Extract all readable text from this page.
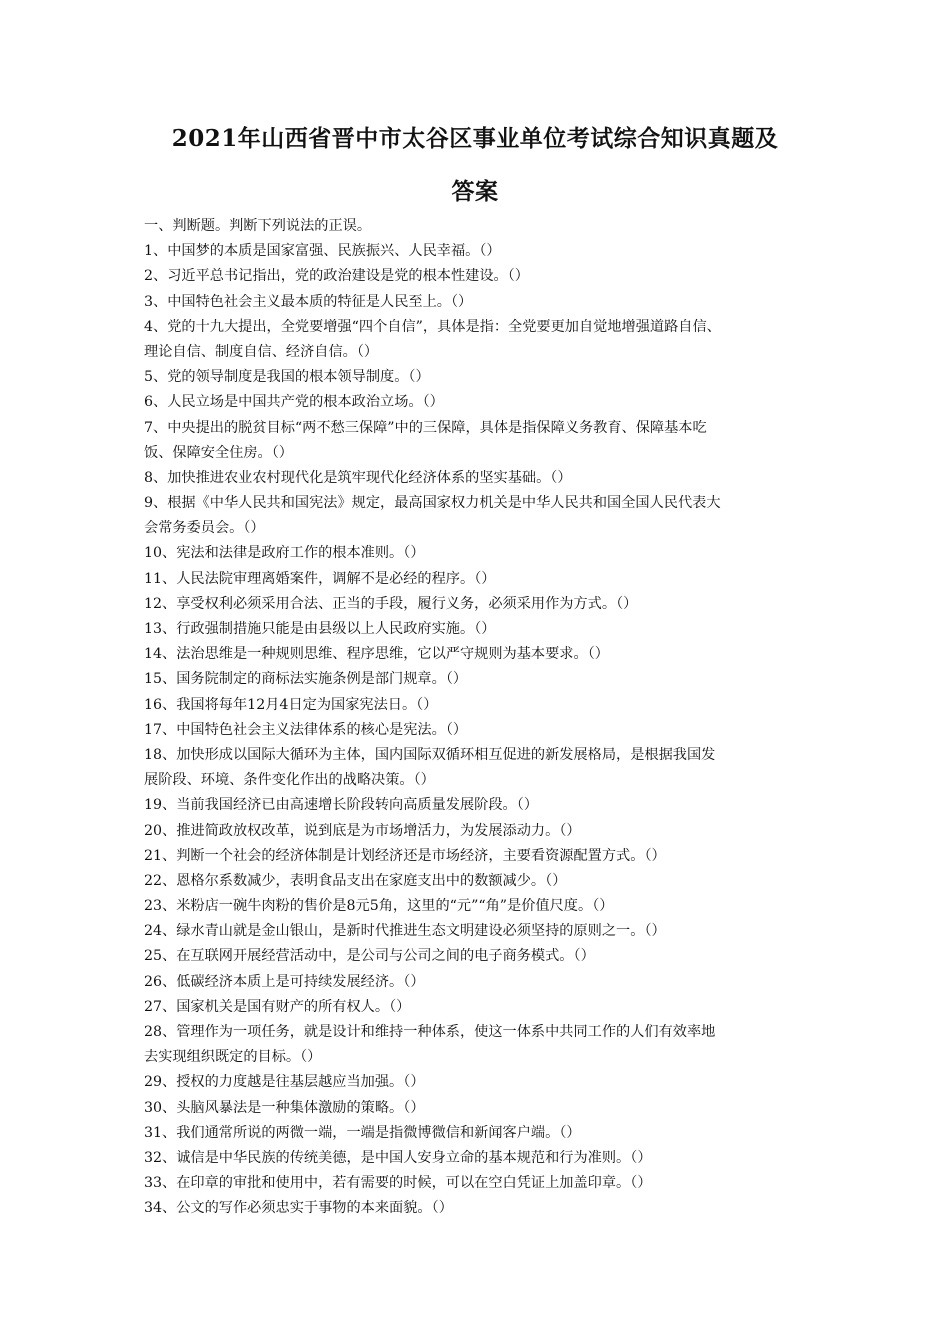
2021年山西省晋中市太谷区事业单位考试综合知识真题及
答案
一、判断题。判断下列说法的正误。
1、中国梦的本质是国家富强、民族振兴、人民幸福。（）
2、习近平总书记指出，党的政治建设是党的根本性建设。（）
3、中国特色社会主义最本质的特征是人民至上。（）
4、党的十九大提出，全党要增强“四个自信”，具体是指：全党要更加自觉地增强道路自信、
理论自信、制度自信、经济自信。（）
5、党的领导制度是我国的根本领导制度。（）
6、人民立场是中国共产党的根本政治立场。（）
7、中央提出的脱贫目标“两不愁三保障”中的三保障，具体是指保障义务教育、保障基本吃
饭、保障安全住房。（）
8、加快推进农业农村现代化是筑牢现代化经济体系的坚实基础。（）
9、根据《中华人民共和国宪法》规定，最高国家权力机关是中华人民共和国全国人民代表大
会常务委员会。（）
10、宪法和法律是政府工作的根本准则。（）
11、人民法院审理离婚案件，调解不是必经的程序。（）
12、享受权利必须采用合法、正当的手段，履行义务，必须采用作为方式。（）
13、行政强制措施只能是由县级以上人民政府实施。（）
14、法治思维是一种规则思维、程序思维，它以严守规则为基本要求。（）
15、国务院制定的商标法实施条例是部门规章。（）
16、我国将每年12月4日定为国家宪法日。（）
17、中国特色社会主义法律体系的核心是宪法。（）
18、加快形成以国际大循环为主体，国内国际双循环相互促进的新发展格局，是根据我国发
展阶段、环境、条件变化作出的战略决策。（）
19、当前我国经济已由高速增长阶段转向高质量发展阶段。（）
20、推进简政放权改革，说到底是为市场增活力，为发展添动力。（）
21、判断一个社会的经济体制是计划经济还是市场经济，主要看资源配置方式。（）
22、恩格尔系数减少，表明食品支出在家庭支出中的数额减少。（）
23、米粉店一碗牛肉粉的售价是8元5角，这里的“元”“角”是价值尺度。（）
24、绿水青山就是金山银山，是新时代推进生态文明建设必须坚持的原则之一。（）
25、在互联网开展经营活动中，是公司与公司之间的电子商务模式。（）
26、低碳经济本质上是可持续发展经济。（）
27、国家机关是国有财产的所有权人。（）
28、管理作为一项任务，就是设计和维持一种体系，使这一体系中共同工作的人们有效率地
去实现组织既定的目标。（）
29、授权的力度越是往基层越应当加强。（）
30、头脑风暴法是一种集体激励的策略。（）
31、我们通常所说的两微一端，一端是指微博微信和新闻客户端。（）
32、诚信是中华民族的传统美德，是中国人安身立命的基本规范和行为准则。（）
33、在印章的审批和使用中，若有需要的时候，可以在空白凭证上加盖印章。（）
34、公文的写作必须忠实于事物的本来面貌。（）
